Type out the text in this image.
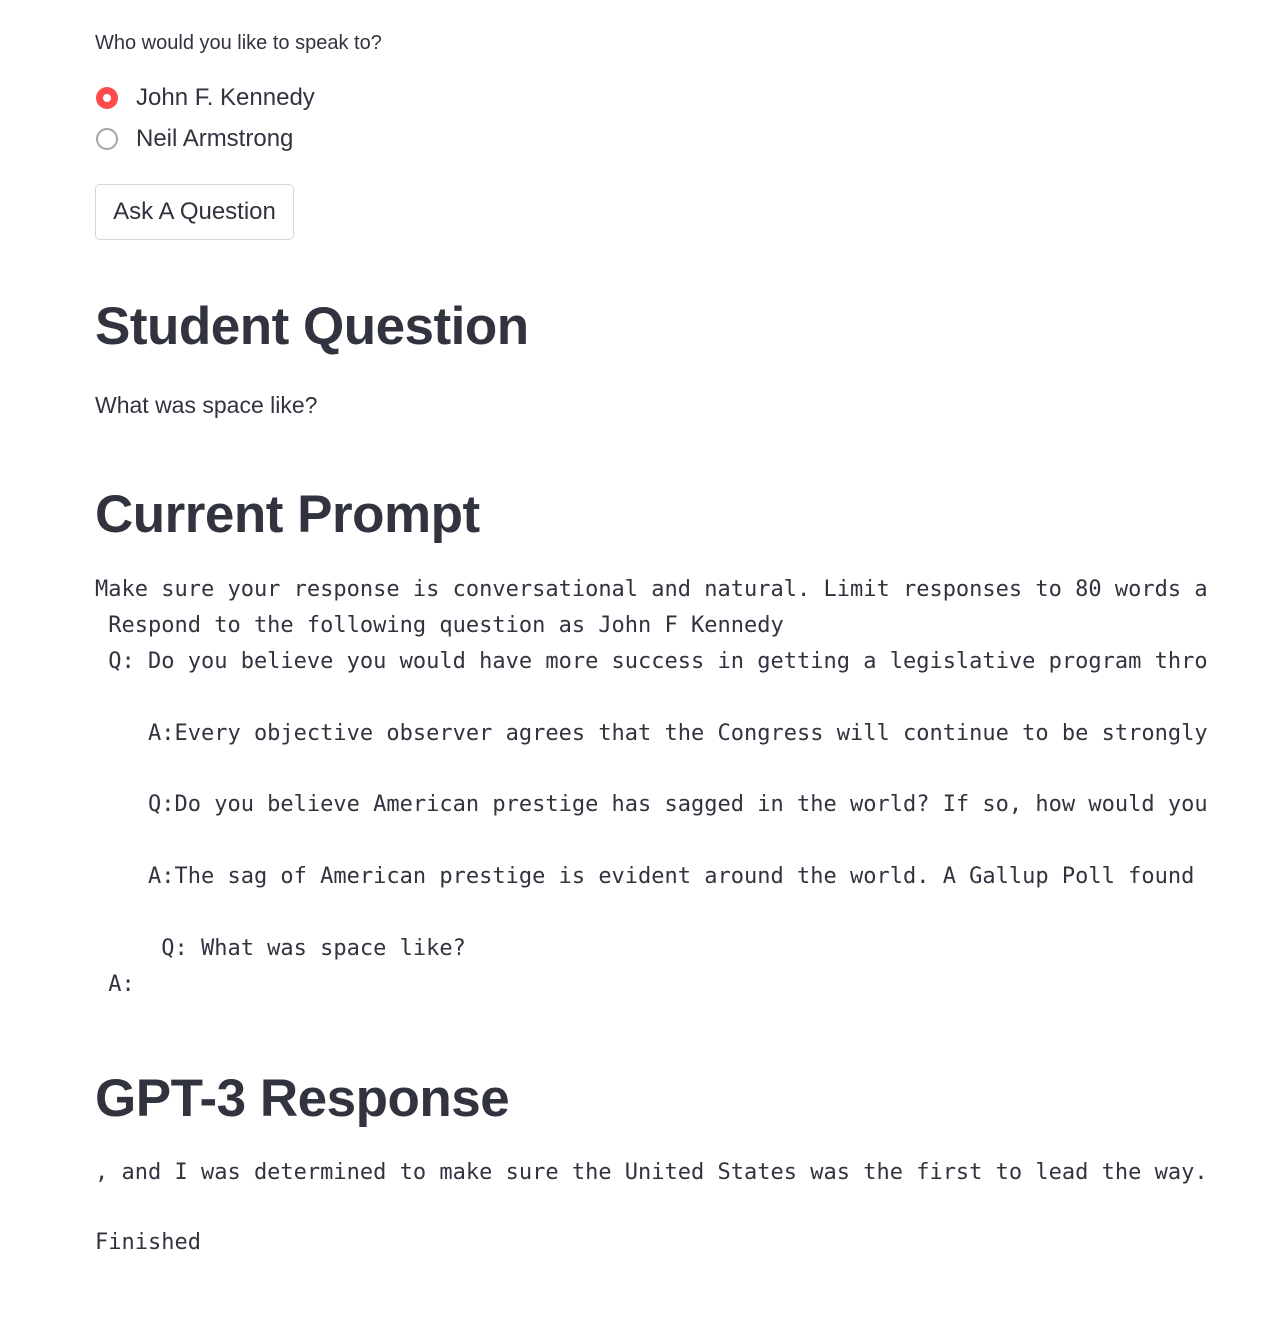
Who would you like to speak to?
John F. Kennedy
Neil Armstrong
Ask A Question
Student Question
What was space like?
Current Prompt
Make sure your response is conversational and natural. Limit responses to 80 words a
Respond to the following question as John F Kennedy
Q: Do you believe you would have more success in getting a legislative program thro
A:Every objective observer agrees that the Congress will continue to be strongly
Q:Do you believe American prestige has sagged in the world? If so, how would you
A:The sag of American prestige is evident around the world. A Gallup Poll found
Q: What was space like?
A:
GPT-3 Response
, and I was determined to make sure the United States was the first to lead the way.
Finished
